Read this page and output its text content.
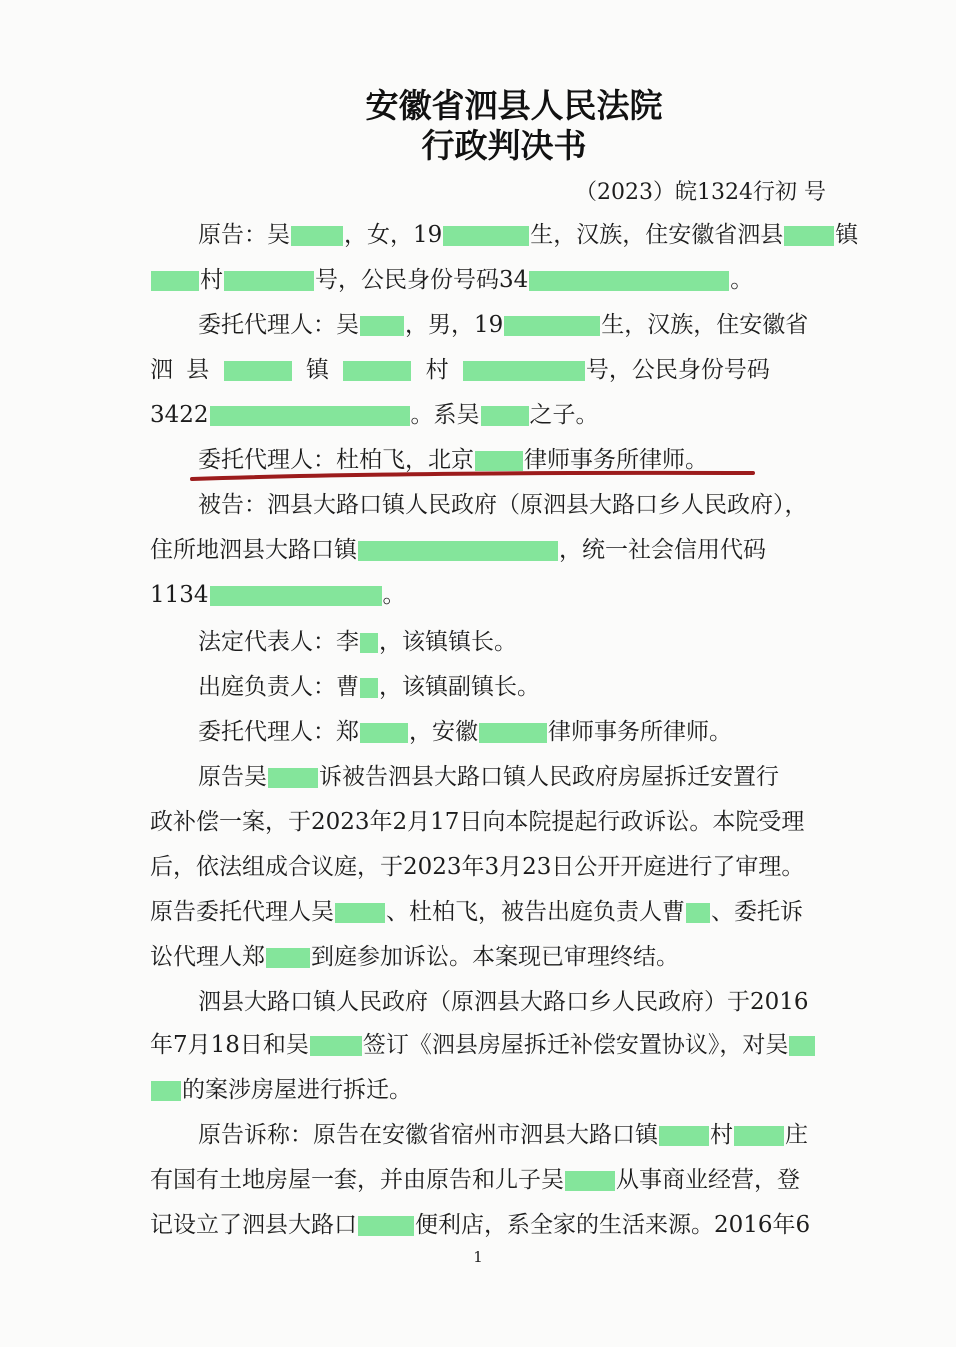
安徽省泗县人民法院
行政判决书
（2023）皖1324行初 号
原告：吴 ，女，19	生，汉族，住安徽省泗县 镇
村	号，公民身份号码34	。
委托代理人：吴 ，男，19	生，汉族，住安徽省
泗 县	镇	村	号，公民身份号码
3422	。系吴 之子。
委托代理人：杜柏飞，北京 律师事务所律师。
被告：泗县大路口镇人民政府（原泗县大路口乡人民政府），
住所地泗县大路口镇	，统一社会信用代码
1134	。
法定代表人：李 ，该镇镇长。
出庭负责人：曹 ，该镇副镇长。
委托代理人：郑 ，安徽	律师事务所律师。
原告吴 诉被告泗县大路口镇人民政府房屋拆迁安置行
政补偿一案，于2023年2月17日向本院提起行政诉讼。本院受理
后，依法组成合议庭，于2023年3月23日公开开庭进行了审理。
原告委托代理人吴 、杜柏飞，被告出庭负责人曹 、委托诉
讼代理人郑 到庭参加诉讼。本案现已审理终结。
泗县大路口镇人民政府（原泗县大路口乡人民政府）于2016
年7月18日和吴 签订《泗县房屋拆迁补偿安置协议》，对吴
的案涉房屋进行拆迁。
原告诉称：原告在安徽省宿州市泗县大路口镇 村 庄
有国有土地房屋一套，并由原告和儿子吴 从事商业经营，登
记设立了泗县大路口	便利店，系全家的生活来源。2016年6
1
